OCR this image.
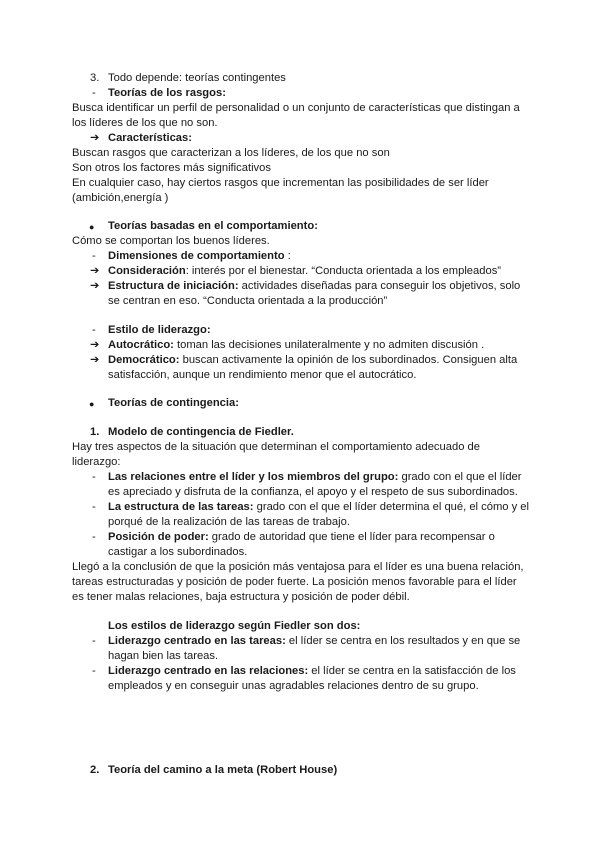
3. Todo depende: teorías contingentes
- Teorías de los rasgos:
Busca identificar un perfil de personalidad o un conjunto de características que distingan a
los líderes de los que no son.
➔ Características:
Buscan rasgos que caracterizan a los líderes, de los que no son
Son otros los factores más significativos
En cualquier caso, hay ciertos rasgos que incrementan las posibilidades de ser líder
(ambición,energía )
● Teorías basadas en el comportamiento:
Cómo se comportan los buenos líderes.
- Dimensiones de comportamiento :
➔ Consideración: interés por el bienestar. “Conducta orientada a los empleados”
➔ Estructura de iniciación: actividades diseñadas para conseguir los objetivos, solo
se centran en eso. “Conducta orientada a la producción”
- Estilo de liderazgo:
➔ Autocrático: toman las decisiones unilateralmente y no admiten discusión .
➔ Democrático: buscan activamente la opinión de los subordinados. Consiguen alta
satisfacción, aunque un rendimiento menor que el autocrático.
● Teorías de contingencia:
1. Modelo de contingencia de Fiedler.
Hay tres aspectos de la situación que determinan el comportamiento adecuado de
liderazgo:
- Las relaciones entre el líder y los miembros del grupo: grado con el que el líder
es apreciado y disfruta de la confianza, el apoyo y el respeto de sus subordinados.
- La estructura de las tareas: grado con el que el líder determina el qué, el cómo y el
porqué de la realización de las tareas de trabajo.
- Posición de poder: grado de autoridad que tiene el líder para recompensar o
castigar a los subordinados.
Llegó a la conclusión de que la posición más ventajosa para el líder es una buena relación,
tareas estructuradas y posición de poder fuerte. La posición menos favorable para el líder
es tener malas relaciones, baja estructura y posición de poder débil.
Los estilos de liderazgo según Fiedler son dos:
- Liderazgo centrado en las tareas: el líder se centra en los resultados y en que se
hagan bien las tareas.
- Liderazgo centrado en las relaciones: el líder se centra en la satisfacción de los
empleados y en conseguir unas agradables relaciones dentro de su grupo.
2. Teoría del camino a la meta (Robert House)
